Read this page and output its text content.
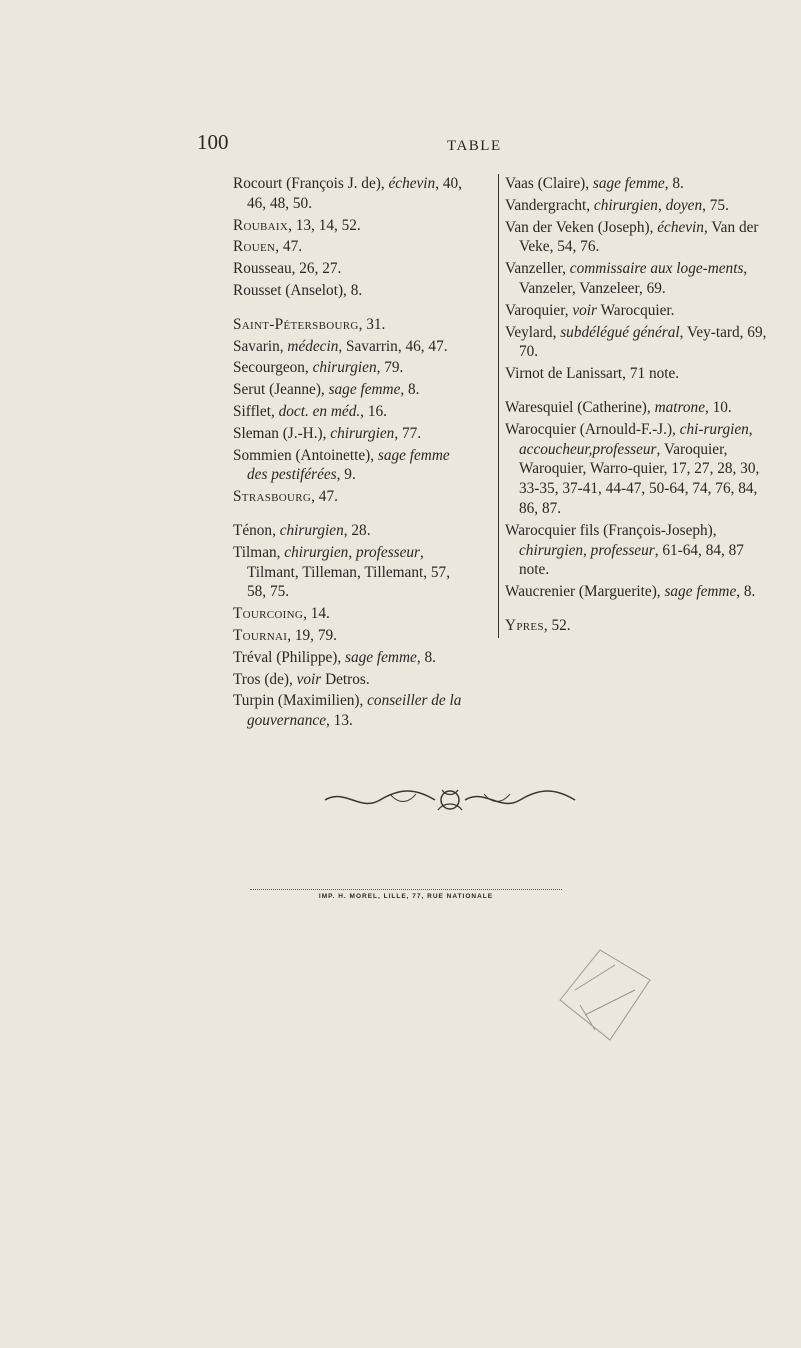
100	TABLE
Rocourt (François J. de), échevin, 40, 46, 48, 50.
Roubaix, 13, 14, 52.
Rouen, 47.
Rousseau, 26, 27.
Rousset (Anselot), 8.
Saint-Pétersbourg, 31.
Savarin, médecin, Savarrin, 46, 47.
Secourgeon, chirurgien, 79.
Serut (Jeanne), sage femme, 8.
Sifflet, doct. en méd., 16.
Sleman (J.-H.), chirurgien, 77.
Sommien (Antoinette), sage femme des pestiférées, 9.
Strasbourg, 47.
Ténon, chirurgien, 28.
Tilman, chirurgien, professeur, Tilmant, Tilleman, Tillemant, 57, 58, 75.
Tourcoing, 14.
Tournai, 19, 79.
Tréval (Philippe), sage femme, 8.
Tros (de), voir Detros.
Turpin (Maximilien), conseiller de la gouvernance, 13.
Vaas (Claire), sage femme, 8.
Vandergracht, chirurgien, doyen, 75.
Van der Veken (Joseph), échevin, Van der Veke, 54, 76.
Vanzeller, commissaire aux loge-ments, Vanzeler, Vanzeleer, 69.
Varoquier, voir Warocquier.
Veylard, subdélégué général, Vey-tard, 69, 70.
Virnot de Lanissart, 71 note.
Waresquiel (Catherine), matrone, 10.
Warocquier (Arnould-F.-J.), chi-rurgien, accoucheur,professeur, Varoquier, Waroquier, Warro-quier, 17, 27, 28, 30, 33-35, 37-41, 44-47, 50-64, 74, 76, 84, 86, 87.
Warocquier fils (François-Joseph), chirurgien, professeur, 61-64, 84, 87 note.
Waucrenier (Marguerite), sage femme, 8.
Ypres, 52.
IMP. H. MOREL, LILLE, 77, RUE NATIONALE
